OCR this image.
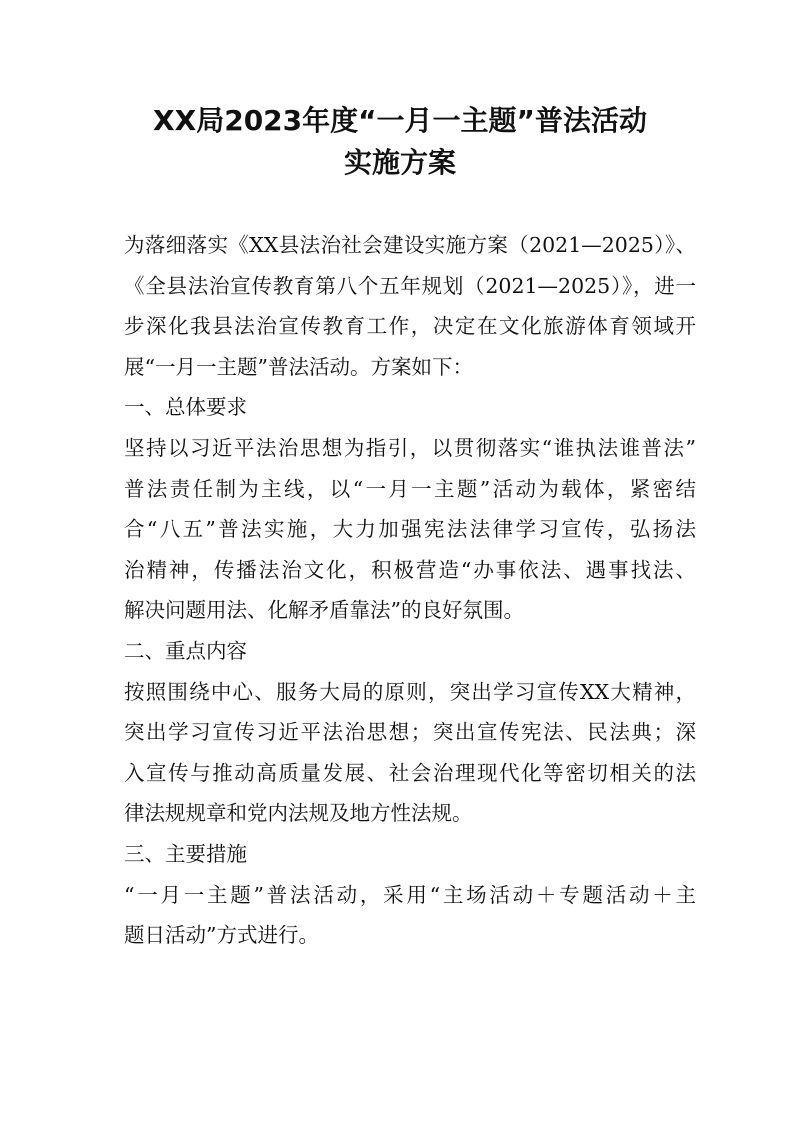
XX局2023年度“一月一主题”普法活动
实施方案
为落细落实《XX县法治社会建设实施方案（2021—2025）》、
《全县法治宣传教育第八个五年规划（2021—2025）》，进一
步深化我县法治宣传教育工作，决定在文化旅游体育领域开
展“一月一主题”普法活动。方案如下：
一、总体要求
坚持以习近平法治思想为指引，以贯彻落实“谁执法谁普法”
普法责任制为主线，以“一月一主题”活动为载体，紧密结
合“八五”普法实施，大力加强宪法法律学习宣传，弘扬法
治精神，传播法治文化，积极营造“办事依法、遇事找法、
解决问题用法、化解矛盾靠法”的良好氛围。
二、重点内容
按照围绕中心、服务大局的原则，突出学习宣传XX大精神，
突出学习宣传习近平法治思想；突出宣传宪法、民法典；深
入宣传与推动高质量发展、社会治理现代化等密切相关的法
律法规规章和党内法规及地方性法规。
三、主要措施
“一月一主题”普法活动，采用“主场活动＋专题活动＋主
题日活动”方式进行。
